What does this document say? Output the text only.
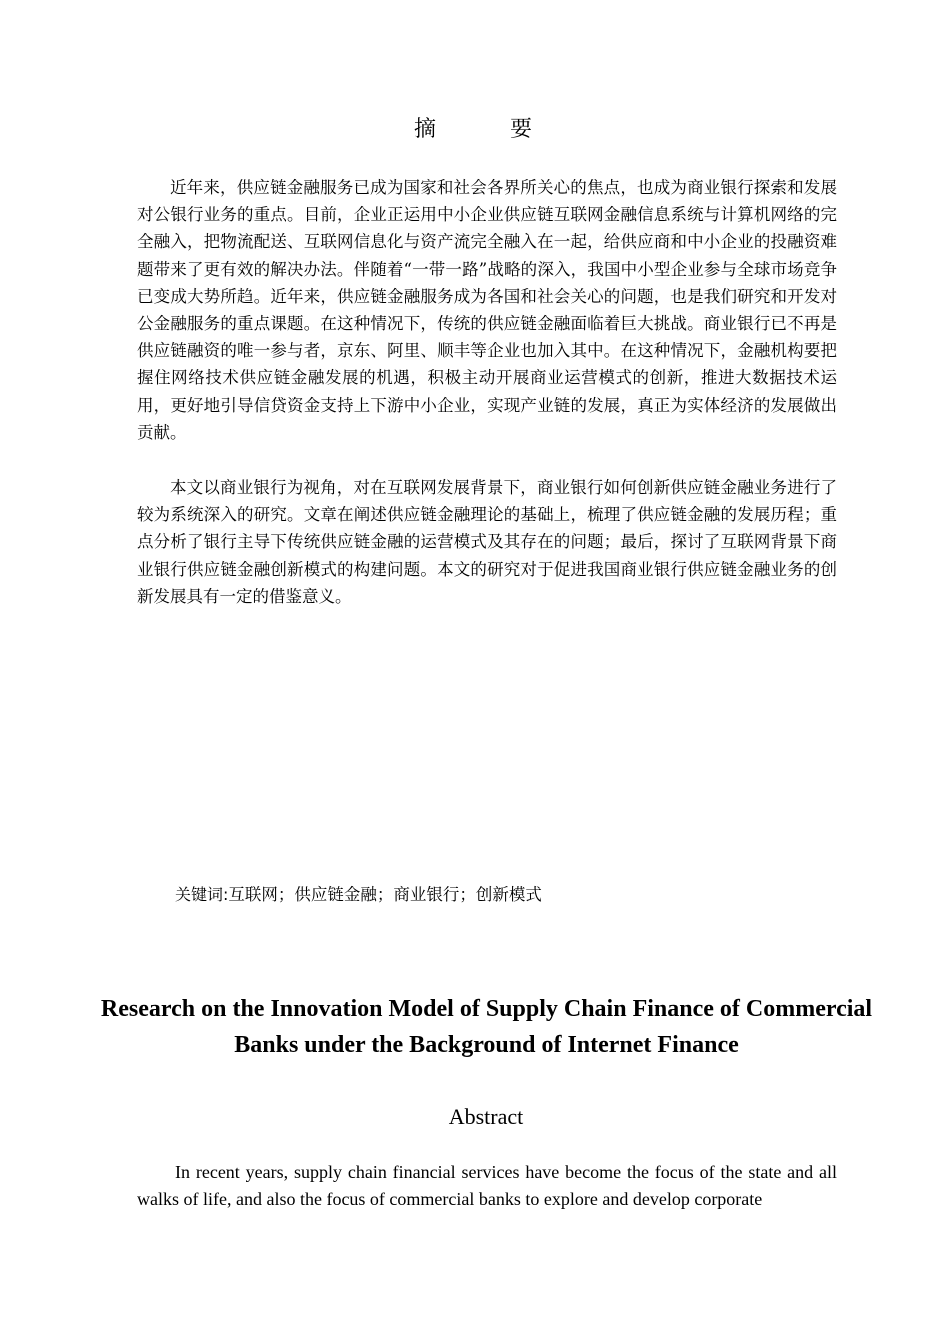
摘　要

近年来，供应链金融服务已成为国家和社会各界所关心的焦点，也成为商业银行探索和发展对公银行业务的重点。目前，企业正运用中小企业供应链互联网金融信息系统与计算机网络的完全融入，把物流配送、互联网信息化与资产流完全融入在一起，给供应商和中小企业的投融资难题带来了更有效的解决办法。伴随着“一带一路”战略的深入，我国中小型企业参与全球市场竞争已变成大势所趋。近年来，供应链金融服务成为各国和社会关心的问题，也是我们研究和开发对公金融服务的重点课题。在这种情况下，传统的供应链金融面临着巨大挑战。商业银行已不再是供应链融资的唯一参与者，京东、阿里、顺丰等企业也加入其中。在这种情况下，金融机构要把握住网络技术供应链金融发展的机遇，积极主动开展商业运营模式的创新，推进大数据技术运用，更好地引导信贷资金支持上下游中小企业，实现产业链的发展，真正为实体经济的发展做出贡献。

本文以商业银行为视角，对在互联网发展背景下，商业银行如何创新供应链金融业务进行了较为系统深入的研究。文章在阐述供应链金融理论的基础上，梳理了供应链金融的发展历程；重点分析了银行主导下传统供应链金融的运营模式及其存在的问题；最后，探讨了互联网背景下商业银行供应链金融创新模式的构建问题。本文的研究对于促进我国商业银行供应链金融业务的创新发展具有一定的借鉴意义。

关键词:互联网；供应链金融；商业银行；创新模式
Research on the Innovation Model of Supply Chain Finance of Commercial Banks under the Background of Internet Finance
Abstract

In recent years, supply chain financial services have become the focus of the state and all walks of life, and also the focus of commercial banks to explore and develop corporate
